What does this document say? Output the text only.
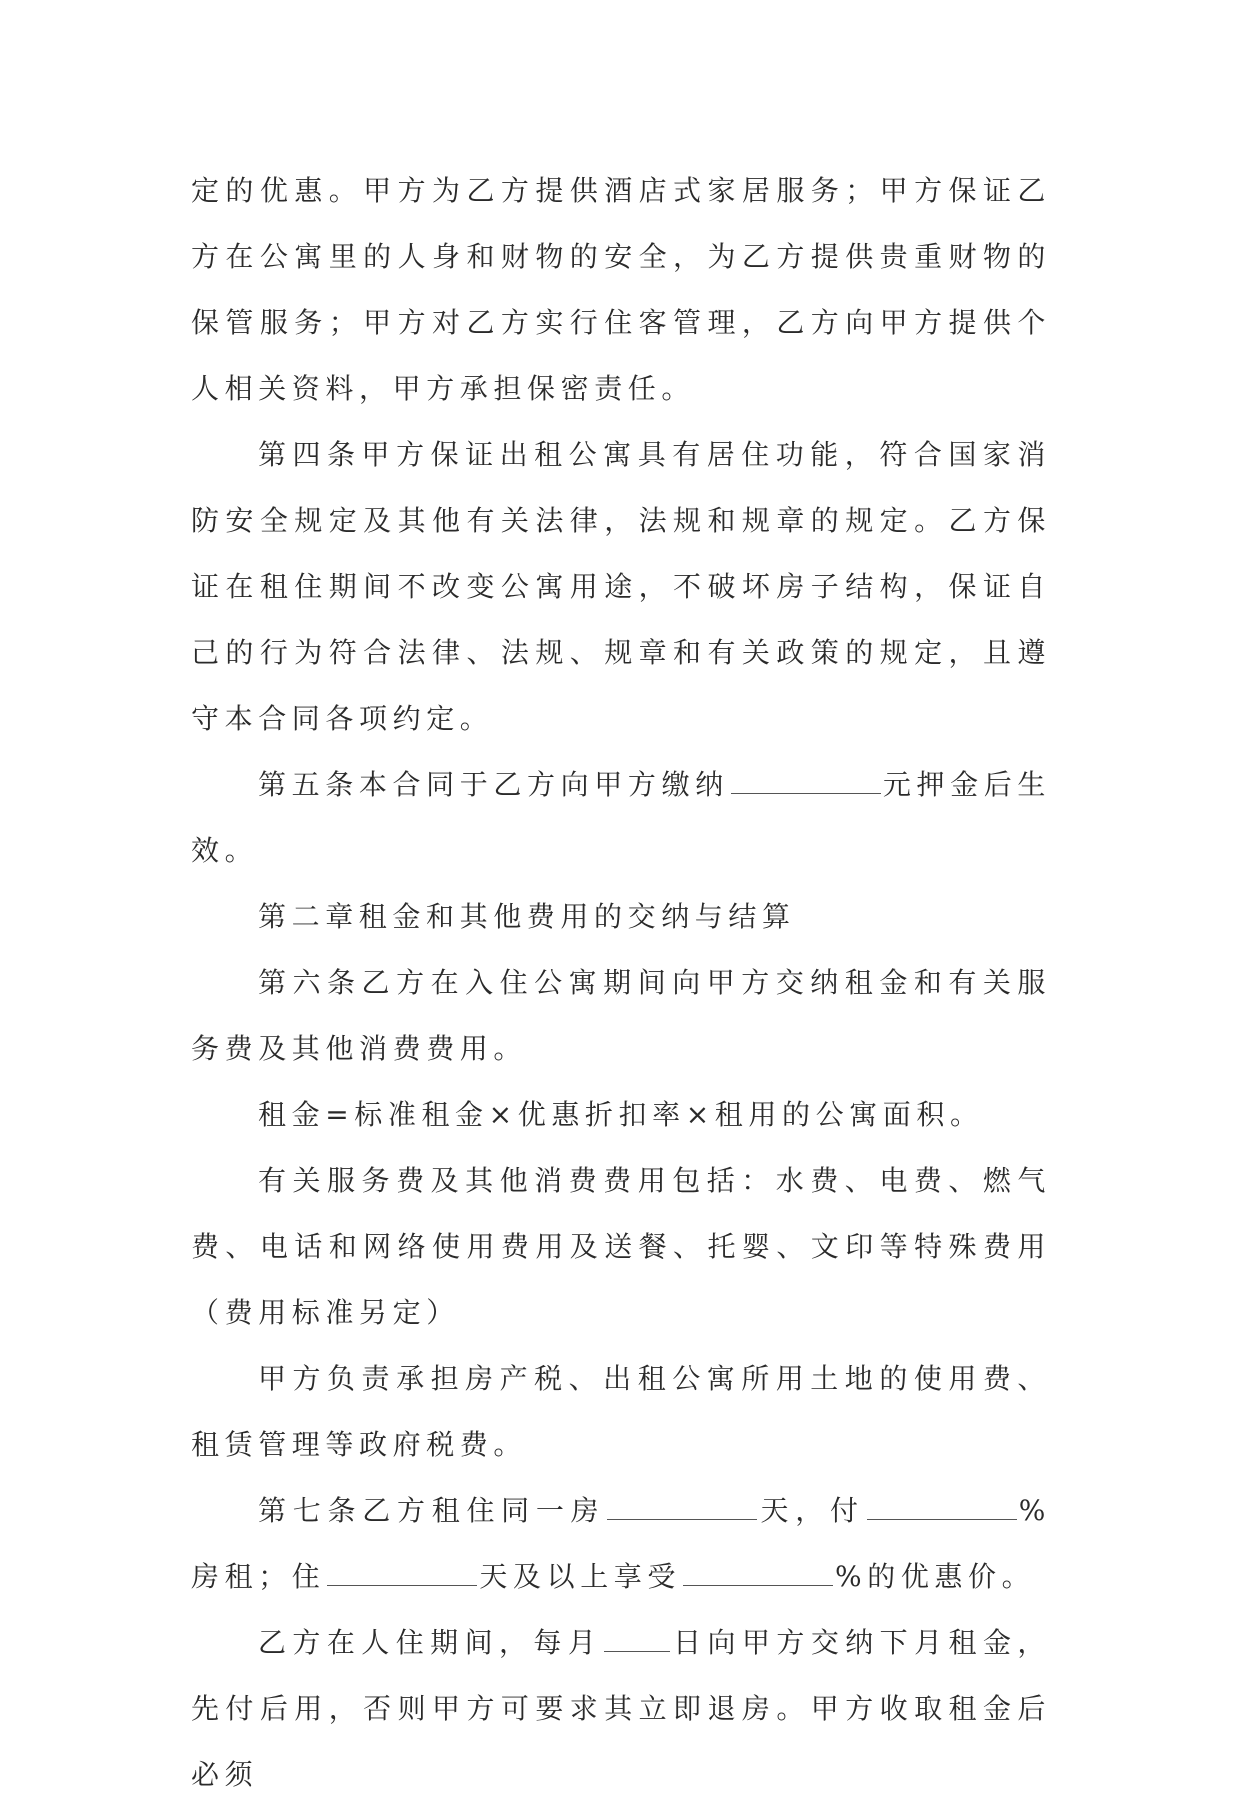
定的优惠。甲方为乙方提供酒店式家居服务；甲方保证乙方在公寓里的人身和财物的安全，为乙方提供贵重财物的保管服务；甲方对乙方实行住客管理，乙方向甲方提供个人相关资料，甲方承担保密责任。

第四条甲方保证出租公寓具有居住功能，符合国家消防安全规定及其他有关法律，法规和规章的规定。乙方保证在租住期间不改变公寓用途，不破坏房子结构，保证自己的行为符合法律、法规、规章和有关政策的规定，且遵守本合同各项约定。

第五条本合同于乙方向甲方缴纳	元押金后生效。

第二章租金和其他费用的交纳与结算

第六条乙方在入住公寓期间向甲方交纳租金和有关服务费及其他消费费用。

租金=标准租金×优惠折扣率×租用的公寓面积。

有关服务费及其他消费费用包括：水费、电费、燃气费、电话和网络使用费用及送餐、托婴、文印等特殊费用（费用标准另定）

甲方负责承担房产税、出租公寓所用土地的使用费、租赁管理等政府税费。

第七条乙方租住同一房	天，付	%房租；住	天及以上享受	%的优惠价。

乙方在人住期间，每月	日向甲方交纳下月租金，先付后用，否则甲方可要求其立即退房。甲方收取租金后必须
